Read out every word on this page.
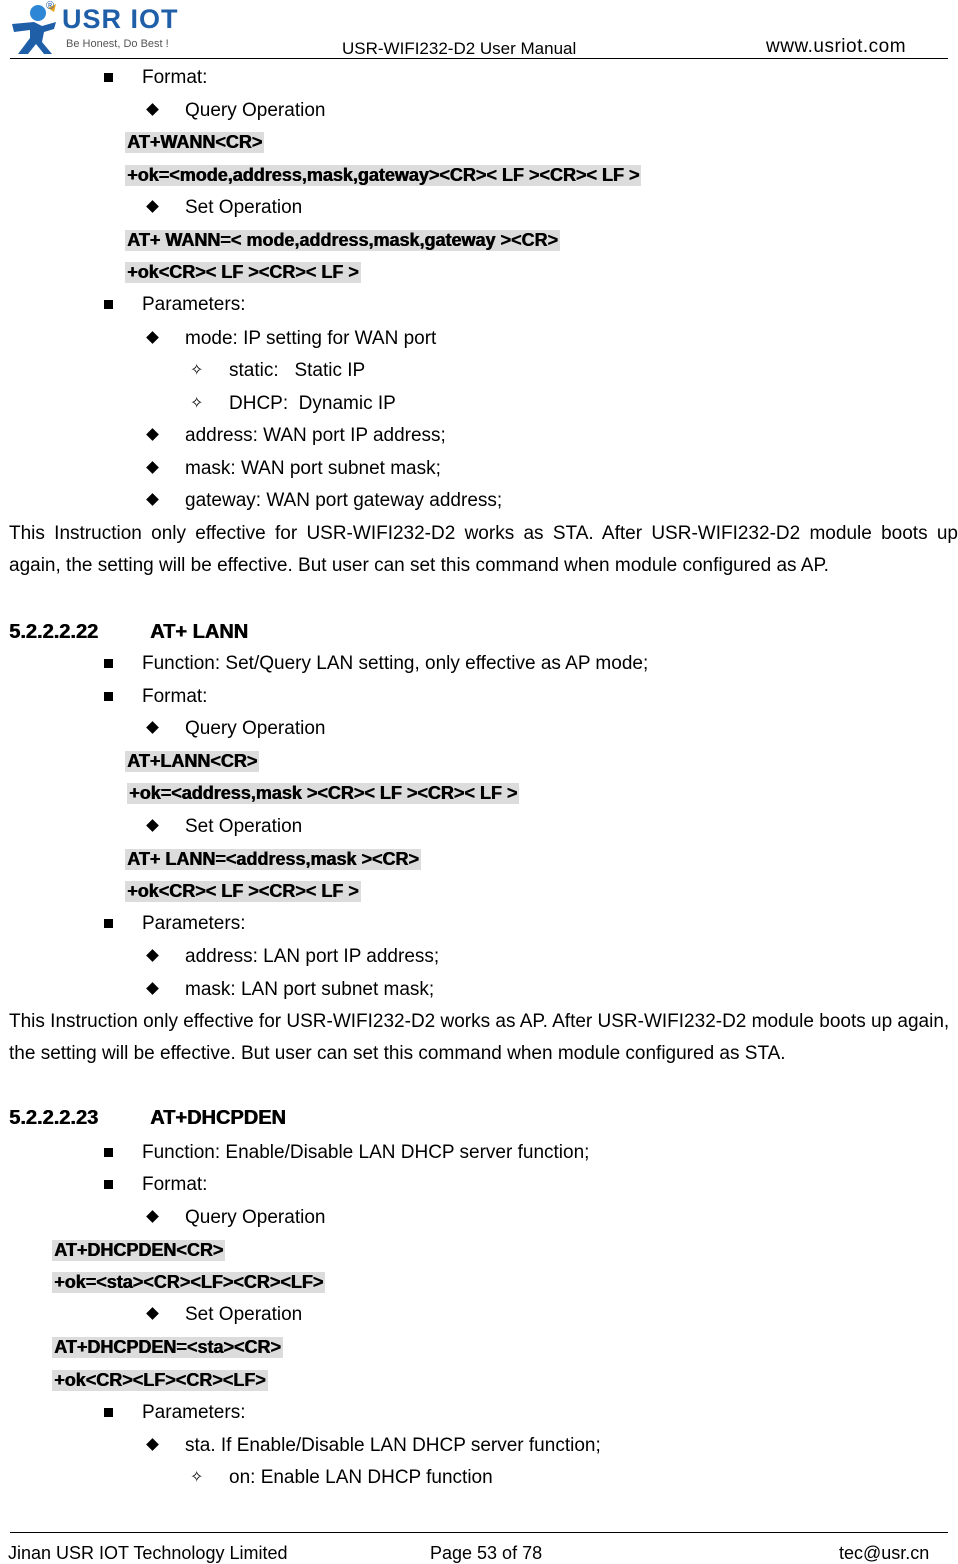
USR IOT
®
Be Honest, Do Best !	USR-WIFI232-D2 User Manual	www.usriot.com
Format:
Query Operation
AT+WANN<CR>
+ok=<mode,address,mask,gateway><CR>< LF ><CR>< LF >
Set Operation
AT+ WANN=< mode,address,mask,gateway ><CR>
+ok<CR>< LF ><CR>< LF >
Parameters:
mode: IP setting for WAN port
✧ static:   Static IP
✧ DHCP:  Dynamic IP
address: WAN port IP address;
mask: WAN port subnet mask;
gateway: WAN port gateway address;
This Instruction only effective for USR-WIFI232-D2 works as STA. After USR-WIFI232-D2 module boots up again, the setting will be effective. But user can set this command when module configured as AP.
5.2.2.2.22	AT+ LANN
Function: Set/Query LAN setting, only effective as AP mode;
Format:
Query Operation
AT+LANN<CR>
+ok=<address,mask ><CR>< LF ><CR>< LF >
Set Operation
AT+ LANN=<address,mask ><CR>
+ok<CR>< LF ><CR>< LF >
Parameters:
address: LAN port IP address;
mask: LAN port subnet mask;
This Instruction only effective for USR-WIFI232-D2 works as AP. After USR-WIFI232-D2 module boots up again, the setting will be effective. But user can set this command when module configured as STA.
5.2.2.2.23	AT+DHCPDEN
Function: Enable/Disable LAN DHCP server function;
Format:
Query Operation
AT+DHCPDEN<CR>
+ok=<sta><CR><LF><CR><LF>
Set Operation
AT+DHCPDEN=<sta><CR>
+ok<CR><LF><CR><LF>
Parameters:
sta. If Enable/Disable LAN DHCP server function;
✧ on: Enable LAN DHCP function
Jinan USR IOT Technology Limited	Page 53 of 78	tec@usr.cn
